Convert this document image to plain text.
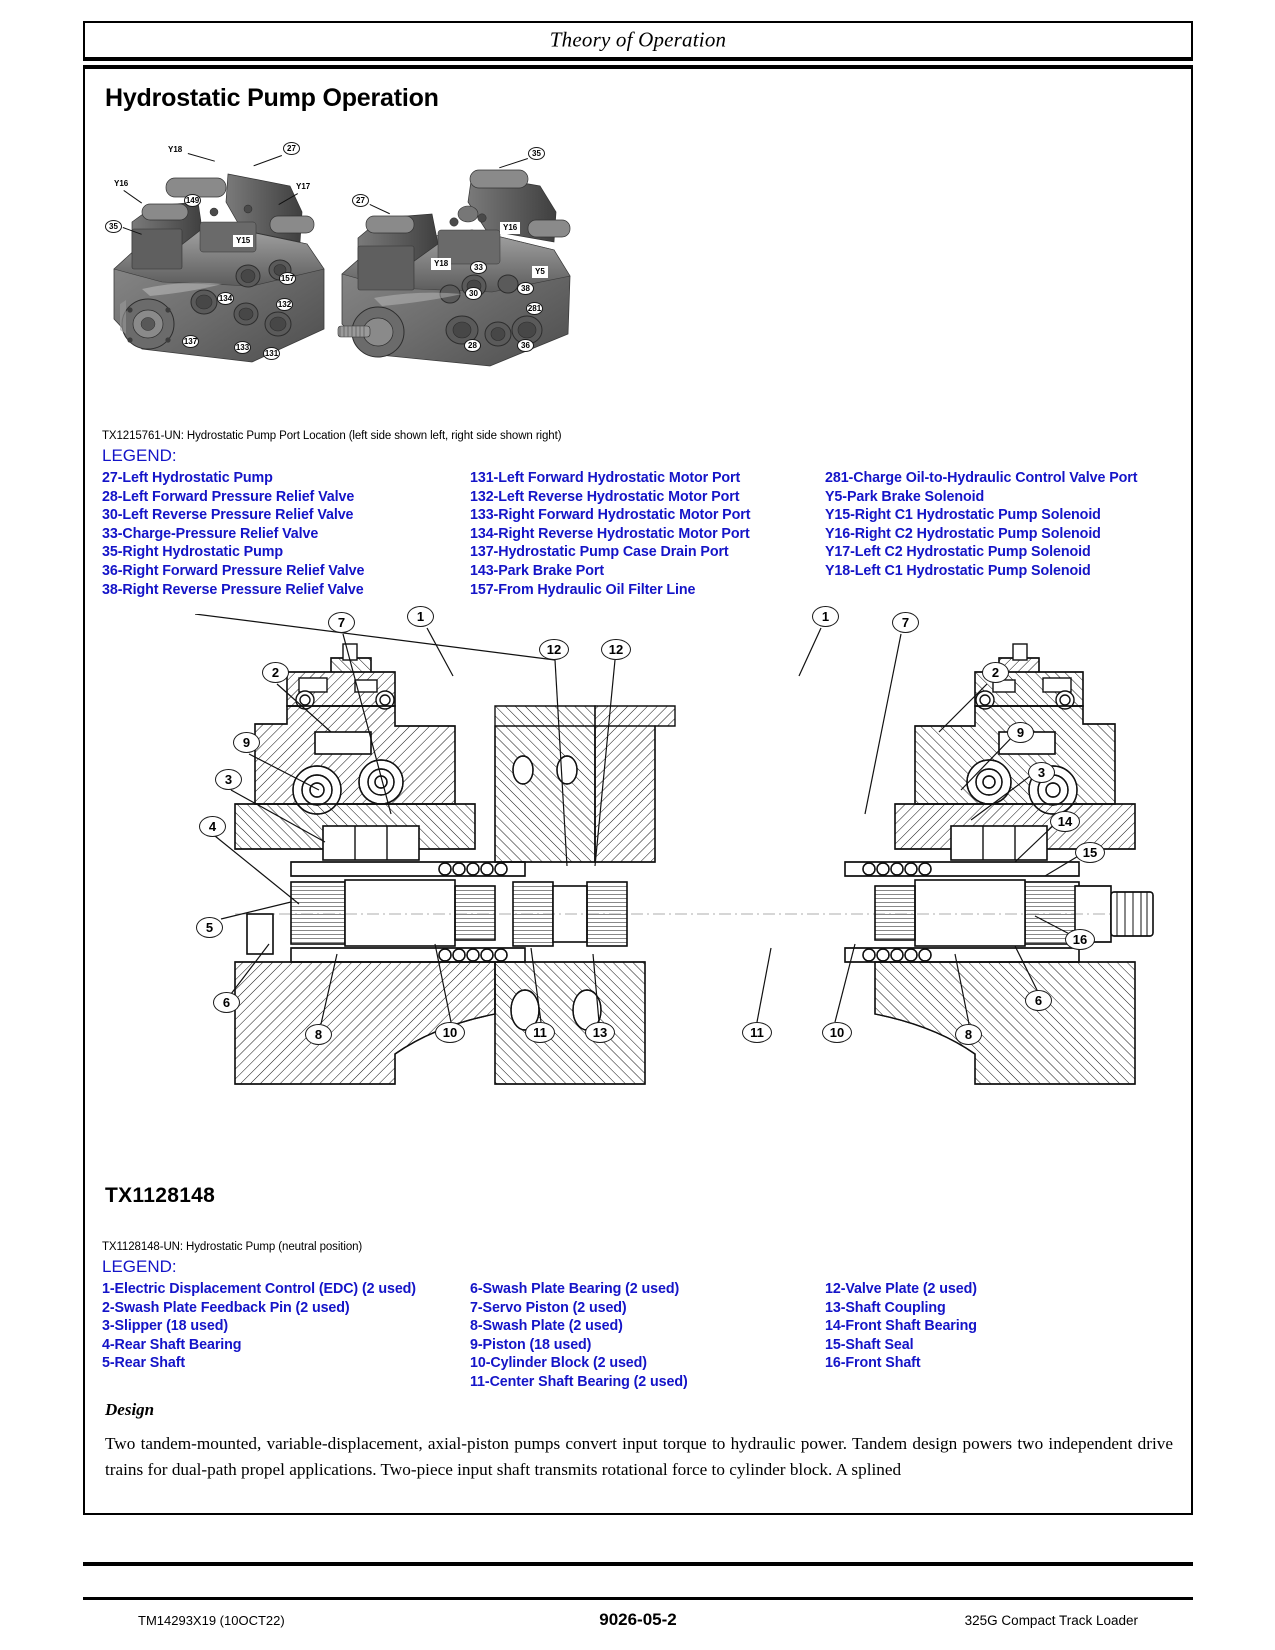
Theory of Operation
Hydrostatic Pump Operation
Y18	27
Y16	Y17
149
35
Y15
157
134
132
137
133
131
35
27
Y16
Y18
Y5
33
30
38
281
28	36
TX1215761-UN: Hydrostatic Pump Port Location (left side shown left, right side shown right)
LEGEND:
27-Left Hydrostatic Pump
28-Left Forward Pressure Relief Valve
30-Left Reverse Pressure Relief Valve
33-Charge-Pressure Relief Valve
35-Right Hydrostatic Pump
36-Right Forward Pressure Relief Valve
38-Right Reverse Pressure Relief Valve
131-Left Forward Hydrostatic Motor Port
132-Left Reverse Hydrostatic Motor Port
133-Right Forward Hydrostatic Motor Port
134-Right Reverse Hydrostatic Motor Port
137-Hydrostatic Pump Case Drain Port
143-Park Brake Port
157-From Hydraulic Oil Filter Line
281-Charge Oil-to-Hydraulic Control Valve Port
Y5-Park Brake Solenoid
Y15-Right C1 Hydrostatic Pump Solenoid
Y16-Right C2 Hydrostatic Pump Solenoid
Y17-Left C2 Hydrostatic Pump Solenoid
Y18-Left C1 Hydrostatic Pump Solenoid
7	1	1	7
12	12
2	2
9
9
3	3
4	14
15
5
16
6	6
8	8
10	10
11	11
13
TX1128148
TX1128148-UN: Hydrostatic Pump (neutral position)
LEGEND:
1-Electric Displacement Control (EDC) (2 used)
2-Swash Plate Feedback Pin (2 used)
3-Slipper (18 used)
4-Rear Shaft Bearing
5-Rear Shaft
6-Swash Plate Bearing (2 used)
7-Servo Piston (2 used)
8-Swash Plate (2 used)
9-Piston (18 used)
10-Cylinder Block (2 used)
11-Center Shaft Bearing (2 used)
12-Valve Plate (2 used)
13-Shaft Coupling
14-Front Shaft Bearing
15-Shaft Seal
16-Front Shaft
Design
Two tandem-mounted, variable-displacement, axial-piston pumps convert input torque to hydraulic power. Tandem design powers two independent drive trains for dual-path propel applications. Two-piece input shaft transmits rotational force to cylinder block. A splined
TM14293X19 (10OCT22)	9026-05-2	325G Compact Track Loader
